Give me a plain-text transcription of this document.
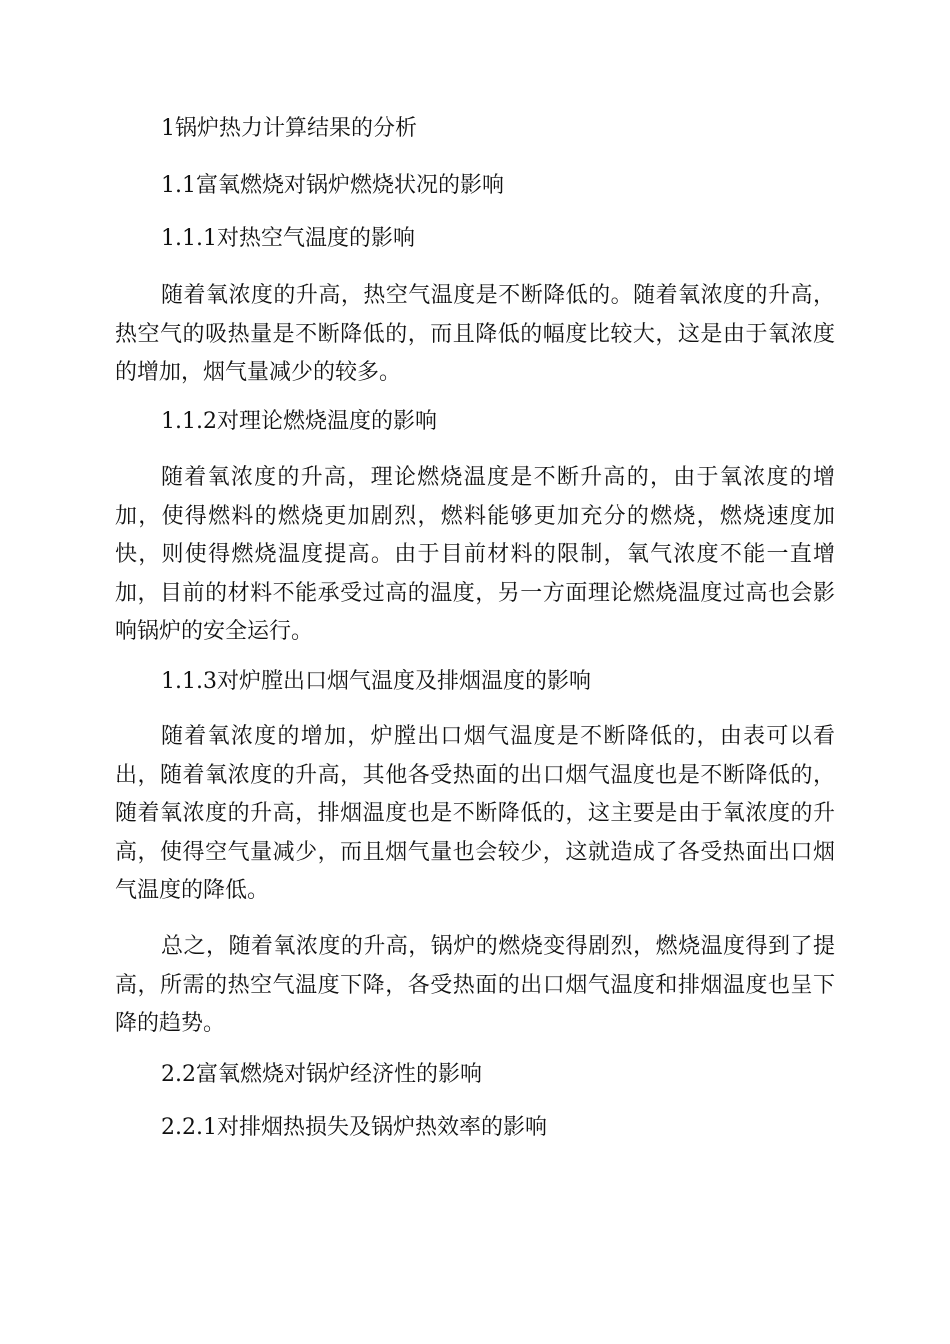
1锅炉热力计算结果的分析

1.1富氧燃烧对锅炉燃烧状况的影响

1.1.1对热空气温度的影响

随着氧浓度的升高，热空气温度是不断降低的。随着氧浓度的升高，热空气的吸热量是不断降低的，而且降低的幅度比较大，这是由于氧浓度的增加，烟气量减少的较多。

1.1.2对理论燃烧温度的影响

随着氧浓度的升高，理论燃烧温度是不断升高的，由于氧浓度的增加，使得燃料的燃烧更加剧烈，燃料能够更加充分的燃烧，燃烧速度加快，则使得燃烧温度提高。由于目前材料的限制，氧气浓度不能一直增加，目前的材料不能承受过高的温度，另一方面理论燃烧温度过高也会影响锅炉的安全运行。

1.1.3对炉膛出口烟气温度及排烟温度的影响

随着氧浓度的增加，炉膛出口烟气温度是不断降低的，由表可以看出，随着氧浓度的升高，其他各受热面的出口烟气温度也是不断降低的，随着氧浓度的升高，排烟温度也是不断降低的，这主要是由于氧浓度的升高，使得空气量减少，而且烟气量也会较少，这就造成了各受热面出口烟气温度的降低。

总之，随着氧浓度的升高，锅炉的燃烧变得剧烈，燃烧温度得到了提高，所需的热空气温度下降，各受热面的出口烟气温度和排烟温度也呈下降的趋势。

2.2富氧燃烧对锅炉经济性的影响

2.2.1对排烟热损失及锅炉热效率的影响
